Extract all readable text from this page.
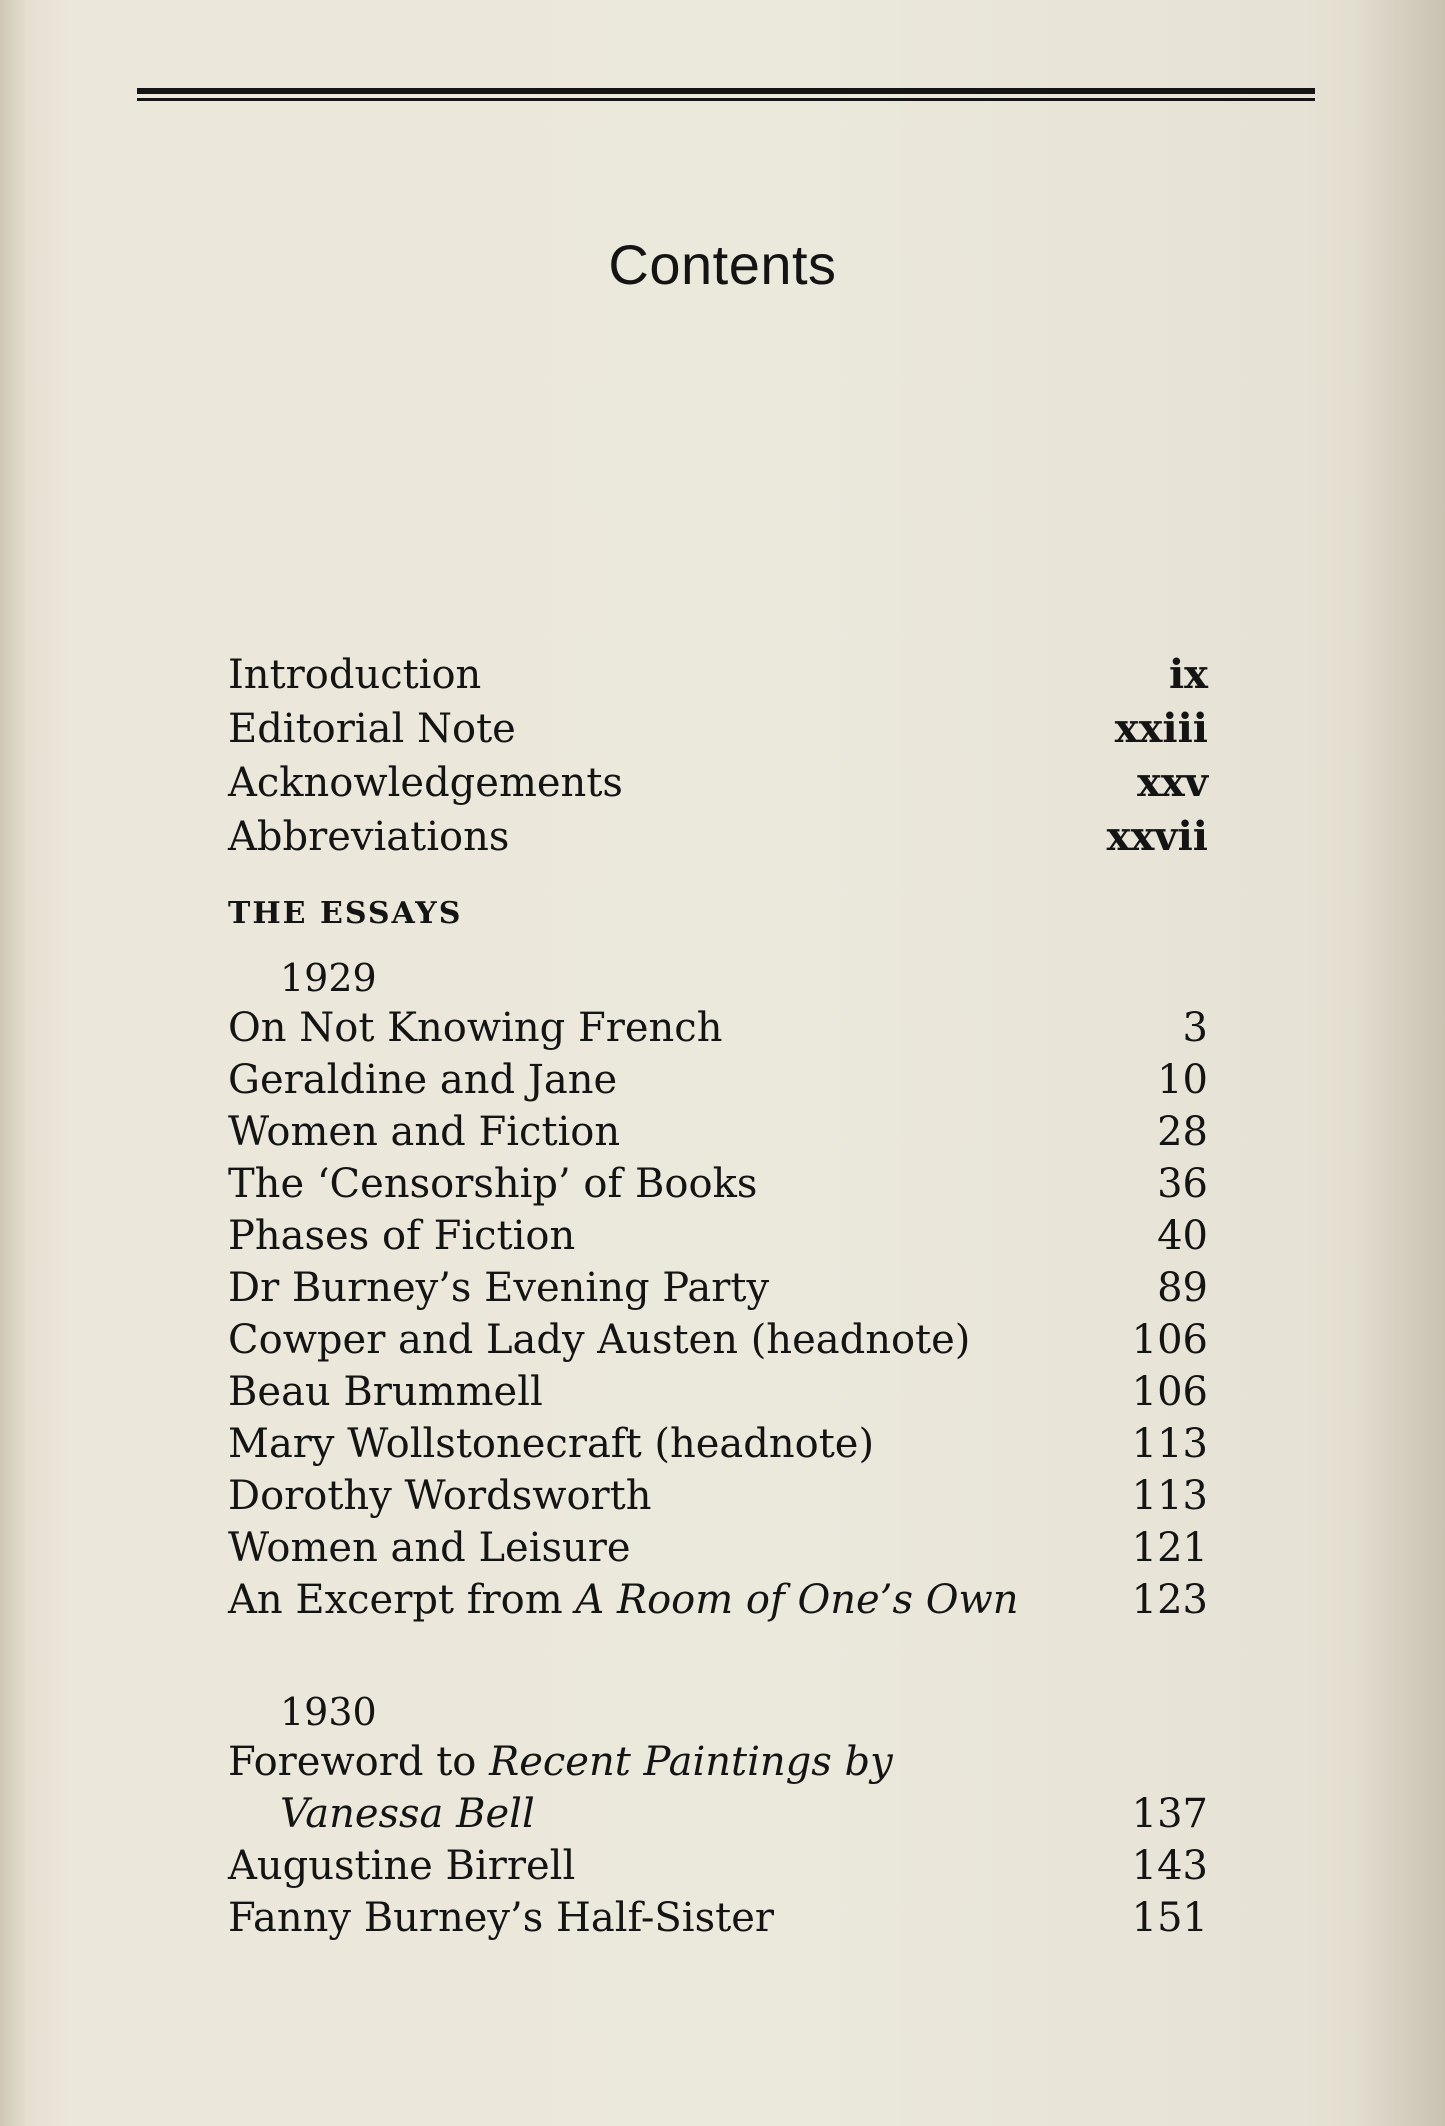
Contents
Introduction	ix
Editorial Note	xxiii
Acknowledgements	xxv
Abbreviations	xxvii
THE ESSAYS
1929
On Not Knowing French	3
Geraldine and Jane	10
Women and Fiction	28
The ‘Censorship’ of Books	36
Phases of Fiction	40
Dr Burney’s Evening Party	89
Cowper and Lady Austen (headnote)	106
Beau Brummell	106
Mary Wollstonecraft (headnote)	113
Dorothy Wordsworth	113
Women and Leisure	121
An Excerpt from A Room of One’s Own	123
1930
Foreword to Recent Paintings by
Vanessa Bell	137
Augustine Birrell	143
Fanny Burney’s Half-Sister	151
